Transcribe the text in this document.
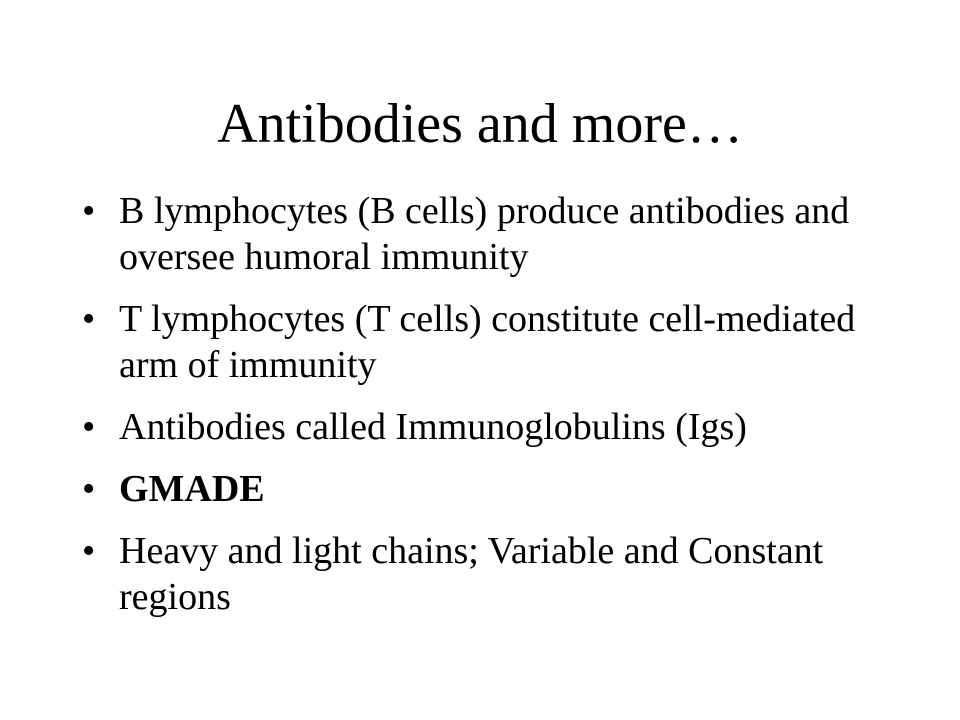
Antibodies and more…
• B lymphocytes (B cells) produce antibodies and oversee humoral immunity
• T lymphocytes (T cells) constitute cell-mediated arm of immunity
• Antibodies called Immunoglobulins (Igs)
• GMADE
• Heavy and light chains; Variable and Constant regions
